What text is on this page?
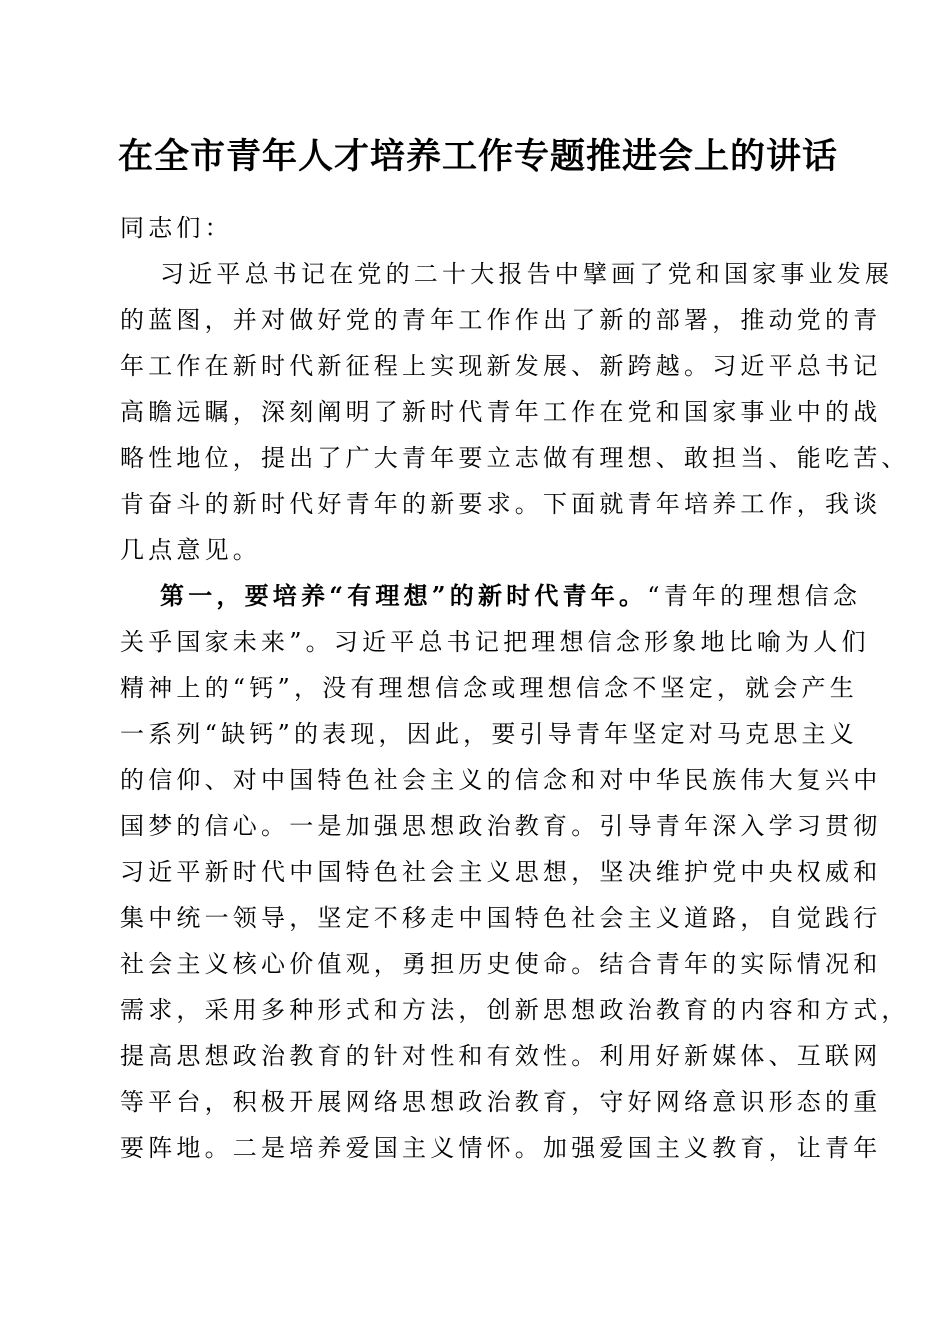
在全市青年人才培养工作专题推进会上的讲话
同志们：
习近平总书记在党的二十大报告中擘画了党和国家事业发展
的蓝图，并对做好党的青年工作作出了新的部署，推动党的青
年工作在新时代新征程上实现新发展、新跨越。习近平总书记
高瞻远瞩，深刻阐明了新时代青年工作在党和国家事业中的战
略性地位，提出了广大青年要立志做有理想、敢担当、能吃苦、
肯奋斗的新时代好青年的新要求。下面就青年培养工作，我谈
几点意见。
第一，要培养“有理想”的新时代青年。“青年的理想信念
关乎国家未来”。习近平总书记把理想信念形象地比喻为人们
精神上的“钙”，没有理想信念或理想信念不坚定，就会产生
一系列“缺钙”的表现，因此，要引导青年坚定对马克思主义
的信仰、对中国特色社会主义的信念和对中华民族伟大复兴中
国梦的信心。一是加强思想政治教育。引导青年深入学习贯彻
习近平新时代中国特色社会主义思想，坚决维护党中央权威和
集中统一领导，坚定不移走中国特色社会主义道路，自觉践行
社会主义核心价值观，勇担历史使命。结合青年的实际情况和
需求，采用多种形式和方法，创新思想政治教育的内容和方式，
提高思想政治教育的针对性和有效性。利用好新媒体、互联网
等平台，积极开展网络思想政治教育，守好网络意识形态的重
要阵地。二是培养爱国主义情怀。加强爱国主义教育，让青年
